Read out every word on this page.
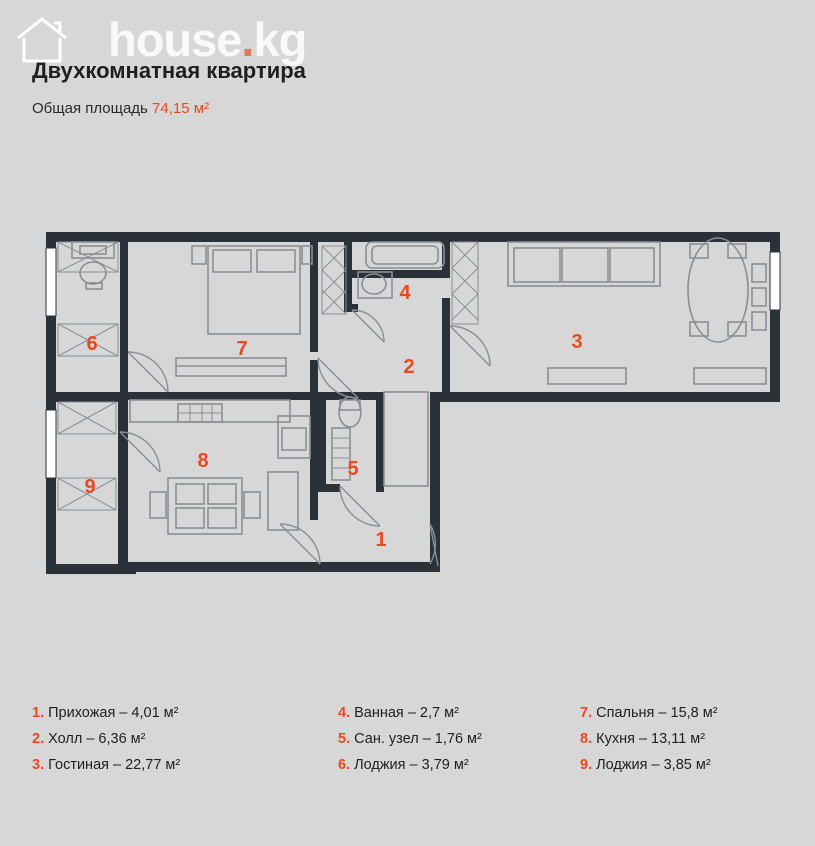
house.kg
Двухкомнатная квартира
Общая площадь 74,15 м²
1
2
3
4
5
6	7
8
9
1. Прихожая – 4,01 м²
2. Холл – 6,36 м²
3. Гостиная – 22,77 м²
4. Ванная – 2,7 м²
5. Сан. узел – 1,76 м²
6. Лоджия – 3,79 м²
7. Спальня – 15,8 м²
8. Кухня – 13,11 м²
9. Лоджия – 3,85 м²
